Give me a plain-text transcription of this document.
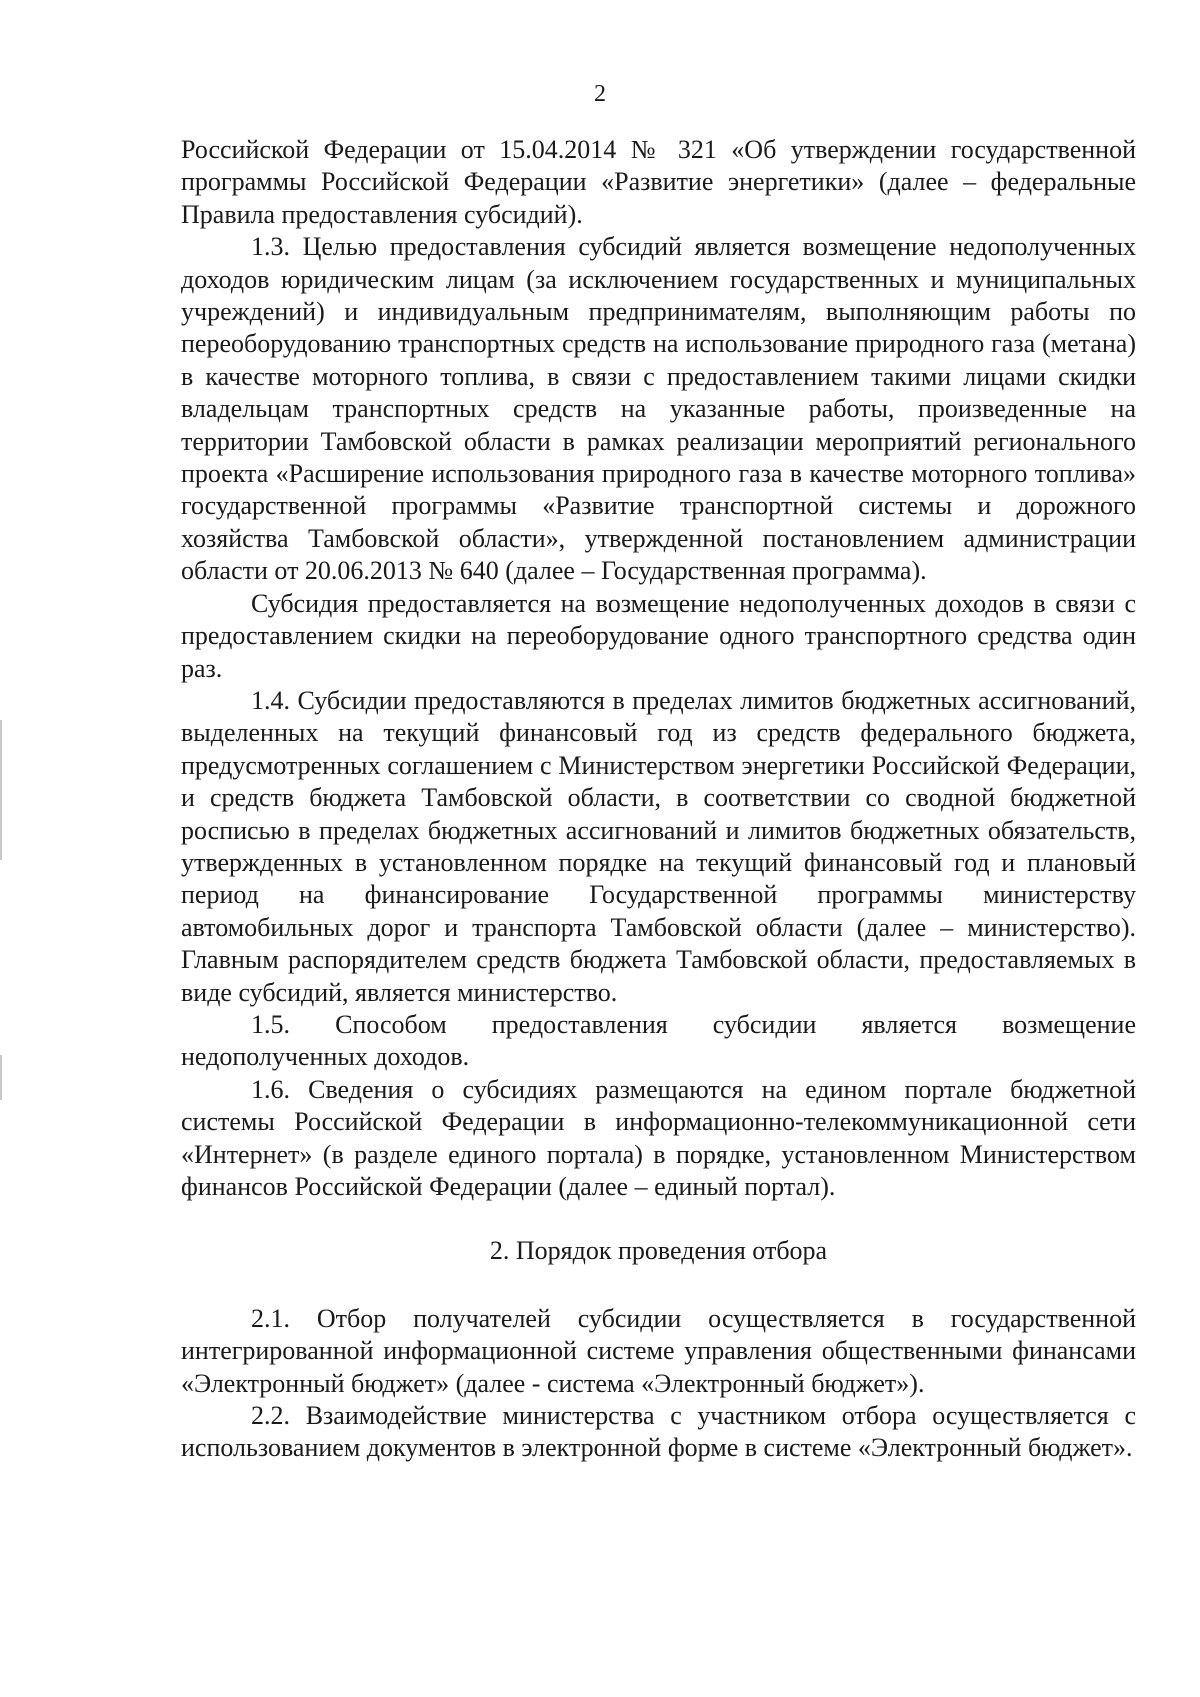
2

Российской Федерации от 15.04.2014 № 321 «Об утверждении государственной программы Российской Федерации «Развитие энергетики» (далее – федеральные Правила предоставления субсидий).

1.3. Целью предоставления субсидий является возмещение недополученных доходов юридическим лицам (за исключением государственных и муниципальных учреждений) и индивидуальным предпринимателям, выполняющим работы по переоборудованию транспортных средств на использование природного газа (метана) в качестве моторного топлива, в связи с предоставлением такими лицами скидки владельцам транспортных средств на указанные работы, произведенные на территории Тамбовской области в рамках реализации мероприятий регионального проекта «Расширение использования природного газа в качестве моторного топлива» государственной программы «Развитие транспортной системы и дорожного хозяйства Тамбовской области», утвержденной постановлением администрации области от 20.06.2013 № 640 (далее – Государственная программа).

Субсидия предоставляется на возмещение недополученных доходов в связи с предоставлением скидки на переоборудование одного транспортного средства один раз.

1.4. Субсидии предоставляются в пределах лимитов бюджетных ассигнований, выделенных на текущий финансовый год из средств федерального бюджета, предусмотренных соглашением с Министерством энергетики Российской Федерации, и средств бюджета Тамбовской области, в соответствии со сводной бюджетной росписью в пределах бюджетных ассигнований и лимитов бюджетных обязательств, утвержденных в установленном порядке на текущий финансовый год и плановый период на финансирование Государственной программы министерству автомобильных дорог и транспорта Тамбовской области (далее – министерство). Главным распорядителем средств бюджета Тамбовской области, предоставляемых в виде субсидий, является министерство.

1.5. Способом предоставления субсидии является возмещение недополученных доходов.

1.6. Сведения о субсидиях размещаются на едином портале бюджетной системы Российской Федерации в информационно-телекоммуникационной сети «Интернет» (в разделе единого портала) в порядке, установленном Министерством финансов Российской Федерации (далее – единый портал).

2. Порядок проведения отбора

2.1. Отбор получателей субсидии осуществляется в государственной интегрированной информационной системе управления общественными финансами «Электронный бюджет» (далее - система «Электронный бюджет»).

2.2. Взаимодействие министерства с участником отбора осуществляется с использованием документов в электронной форме в системе «Электронный бюджет».
